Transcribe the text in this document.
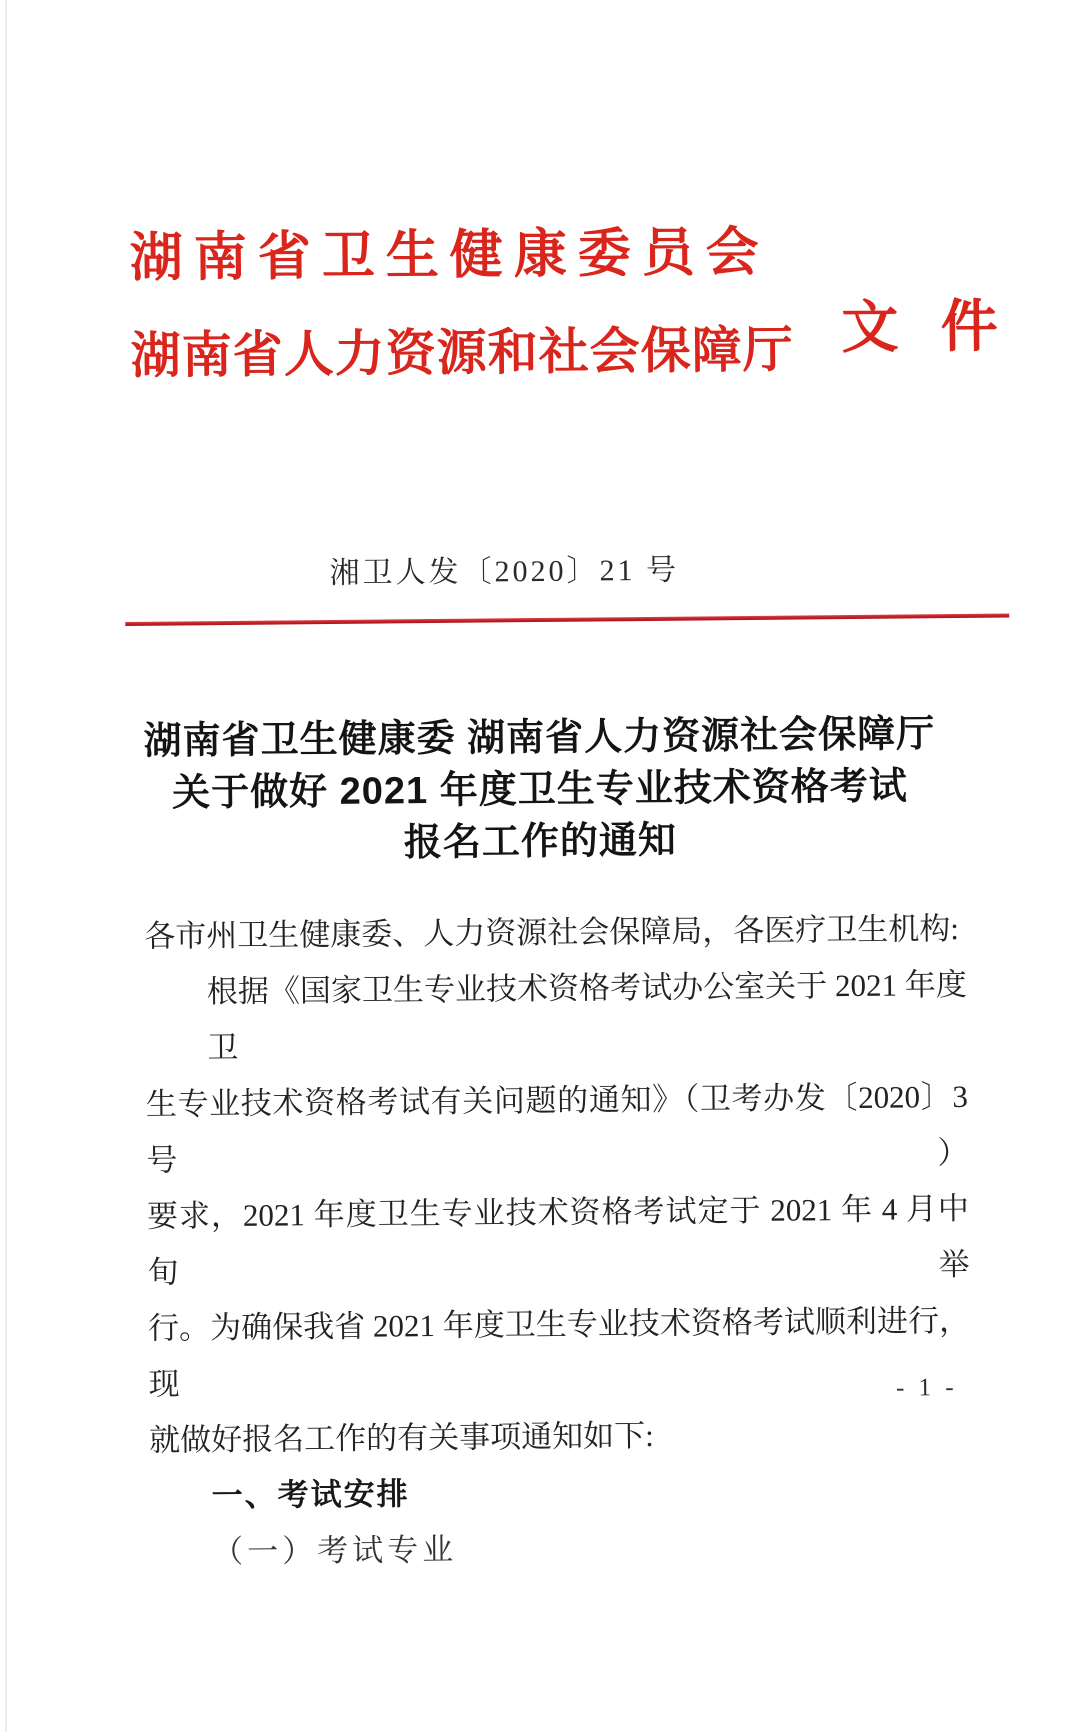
湖南省卫生健康委员会
湖南省人力资源和社会保障厅 文 件
湘卫人发〔2020〕21 号
湖南省卫生健康委 湖南省人力资源社会保障厅
关于做好 2021 年度卫生专业技术资格考试
报名工作的通知
各市州卫生健康委、人力资源社会保障局，各医疗卫生机构:
根据《国家卫生专业技术资格考试办公室关于 2021 年度卫
生专业技术资格考试有关问题的通知》（卫考办发〔2020〕3 号）
要求，2021 年度卫生专业技术资格考试定于 2021 年 4 月中旬举
行。为确保我省 2021 年度卫生专业技术资格考试顺利进行，现
就做好报名工作的有关事项通知如下:
一、考试安排
（一）考试专业
- 1 -
